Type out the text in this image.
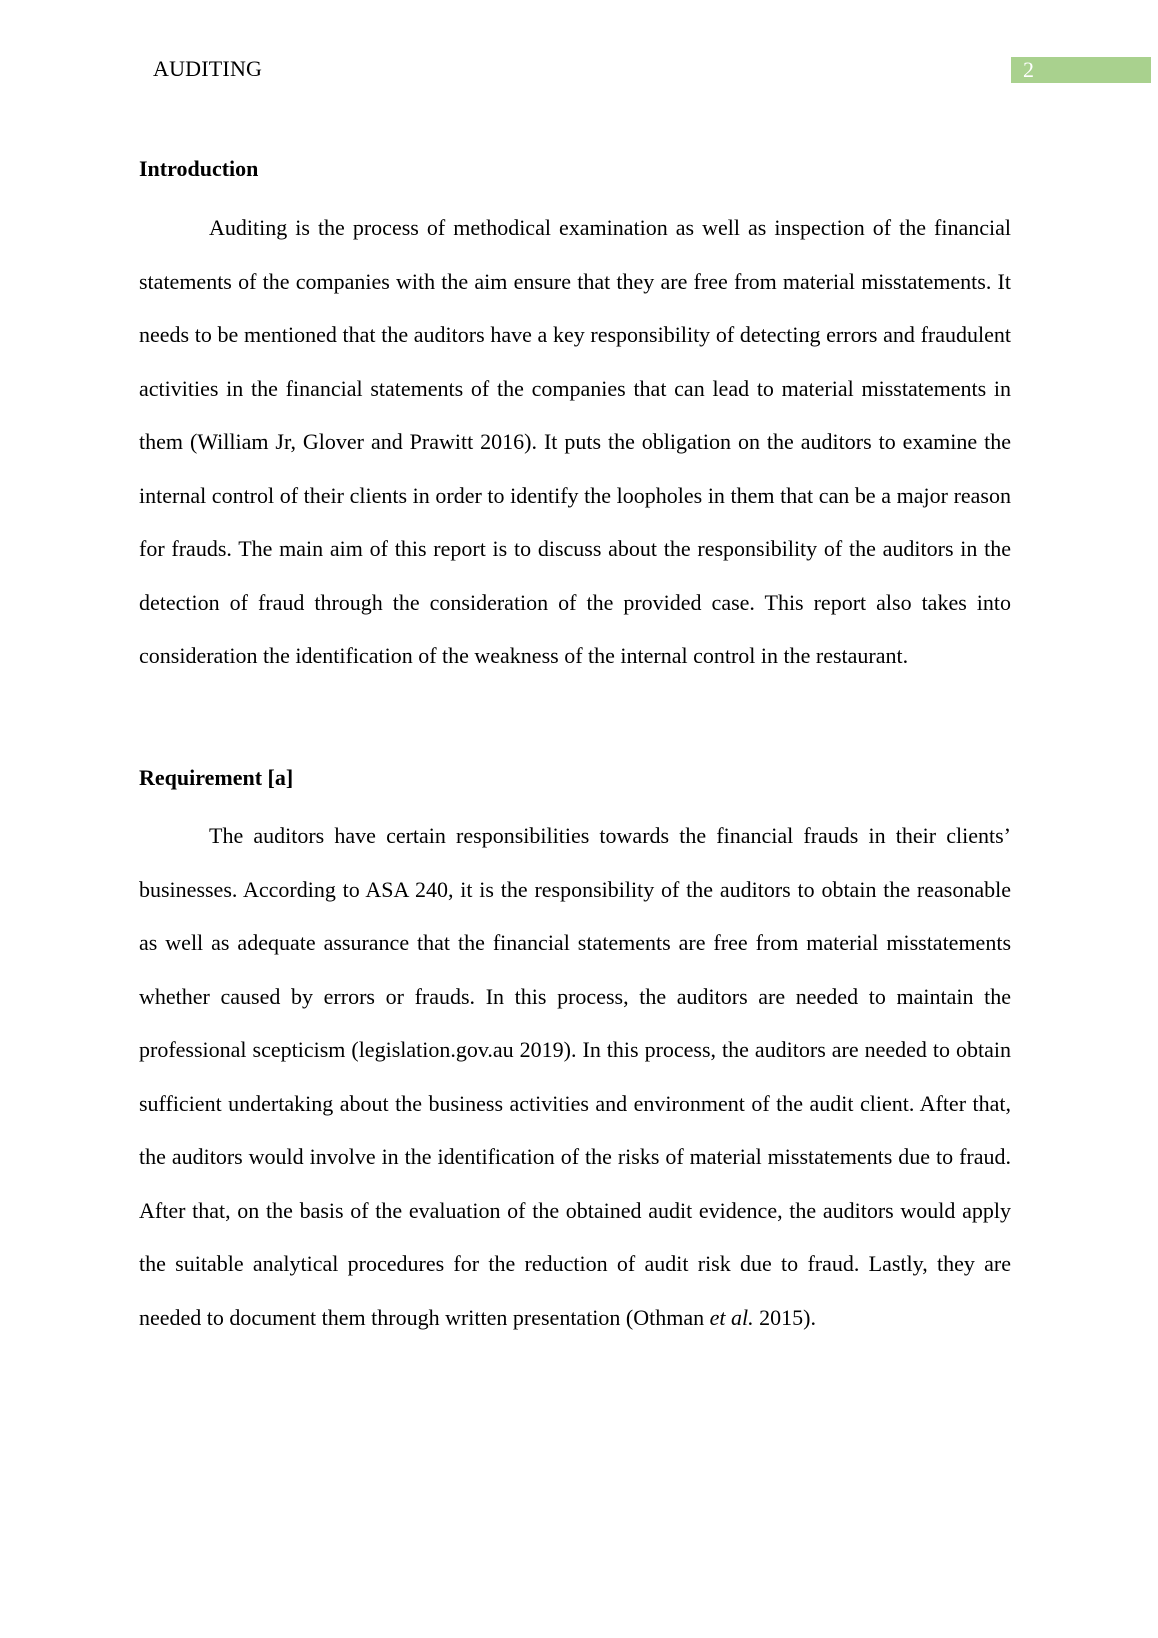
AUDITING	2
Introduction

Auditing is the process of methodical examination as well as inspection of the financial statements of the companies with the aim ensure that they are free from material misstatements. It needs to be mentioned that the auditors have a key responsibility of detecting errors and fraudulent activities in the financial statements of the companies that can lead to material misstatements in them (William Jr, Glover and Prawitt 2016). It puts the obligation on the auditors to examine the internal control of their clients in order to identify the loopholes in them that can be a major reason for frauds. The main aim of this report is to discuss about the responsibility of the auditors in the detection of fraud through the consideration of the provided case. This report also takes into consideration the identification of the weakness of the internal control in the restaurant.

Requirement [a]

The auditors have certain responsibilities towards the financial frauds in their clients’ businesses. According to ASA 240, it is the responsibility of the auditors to obtain the reasonable as well as adequate assurance that the financial statements are free from material misstatements whether caused by errors or frauds. In this process, the auditors are needed to maintain the professional scepticism (legislation.gov.au 2019). In this process, the auditors are needed to obtain sufficient undertaking about the business activities and environment of the audit client. After that, the auditors would involve in the identification of the risks of material misstatements due to fraud. After that, on the basis of the evaluation of the obtained audit evidence, the auditors would apply the suitable analytical procedures for the reduction of audit risk due to fraud. Lastly, they are needed to document them through written presentation (Othman et al. 2015).
